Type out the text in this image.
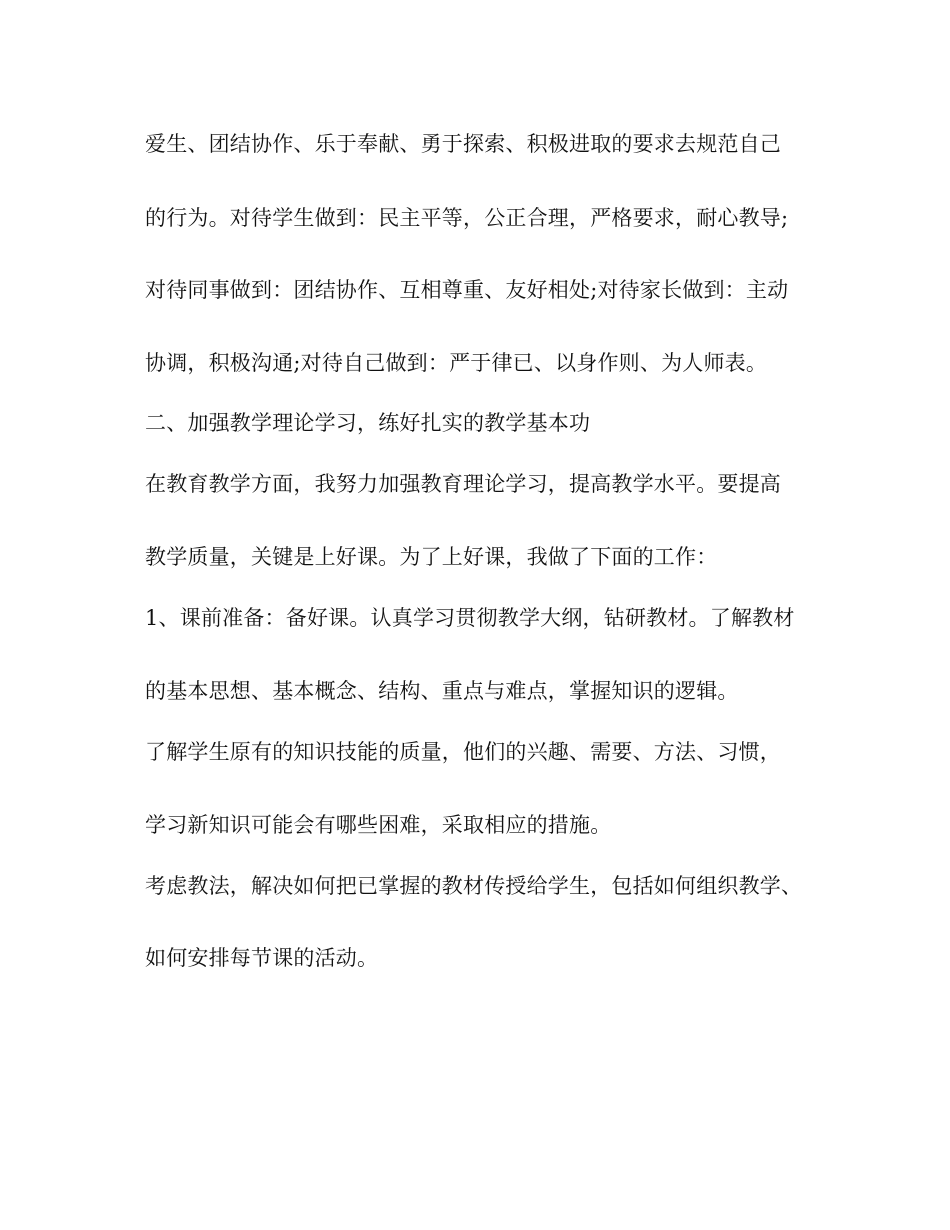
爱生、团结协作、乐于奉献、勇于探索、积极进取的要求去规范自己
的行为。对待学生做到：民主平等，公正合理，严格要求，耐心教导;
对待同事做到：团结协作、互相尊重、友好相处;对待家长做到：主动
协调，积极沟通;对待自己做到：严于律已、以身作则、为人师表。
二、加强教学理论学习，练好扎实的教学基本功
在教育教学方面，我努力加强教育理论学习，提高教学水平。要提高
教学质量，关键是上好课。为了上好课，我做了下面的工作：
1、课前准备：备好课。认真学习贯彻教学大纲，钻研教材。了解教材
的基本思想、基本概念、结构、重点与难点，掌握知识的逻辑。
了解学生原有的知识技能的质量，他们的兴趣、需要、方法、习惯，
学习新知识可能会有哪些困难，采取相应的措施。
考虑教法，解决如何把已掌握的教材传授给学生，包括如何组织教学、
如何安排每节课的活动。
